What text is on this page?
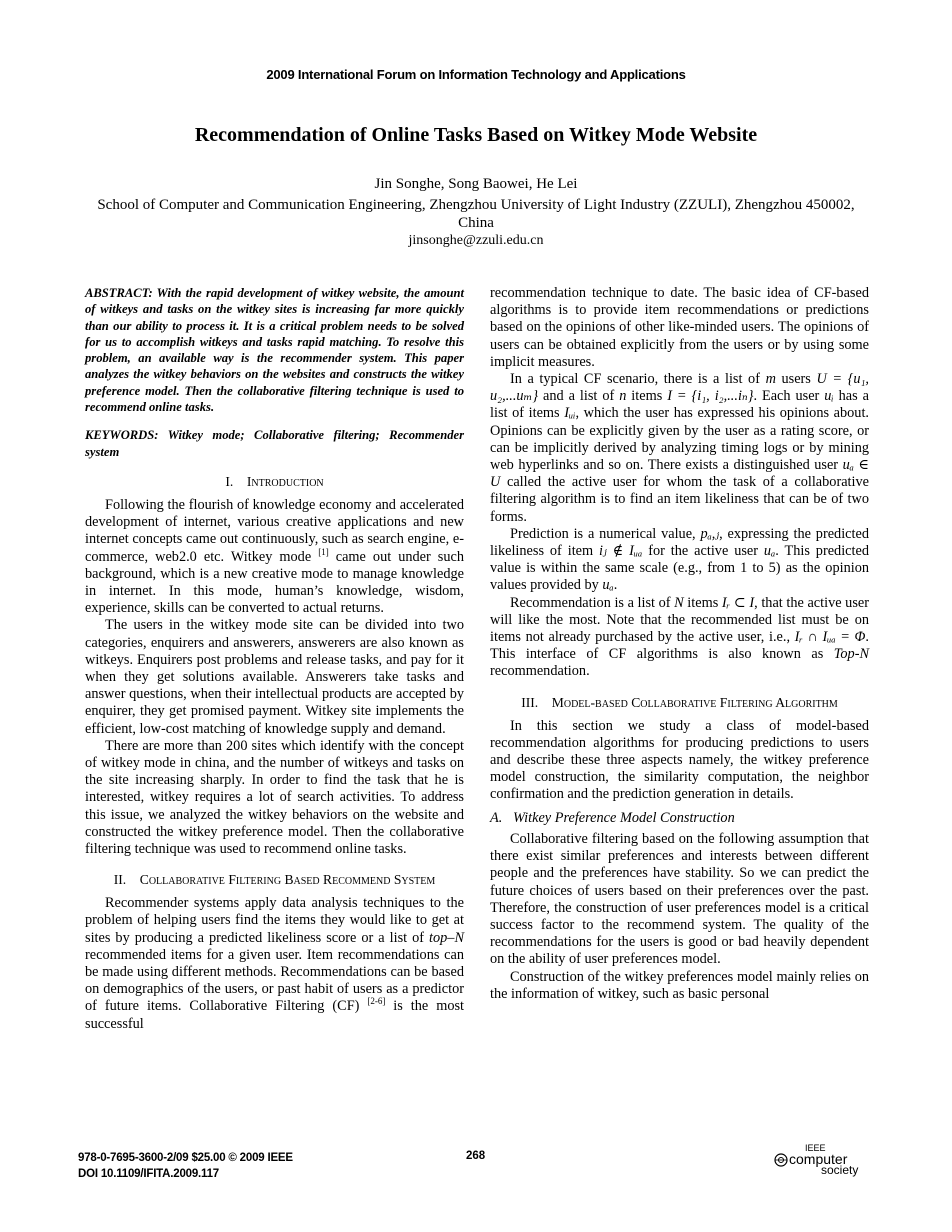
2009 International Forum on Information Technology and Applications
Recommendation of Online Tasks Based on Witkey Mode Website
Jin Songhe, Song Baowei, He Lei
School of Computer and Communication Engineering, Zhengzhou University of Light Industry (ZZULI), Zhengzhou 450002, China
jinsonghe@zzuli.edu.cn

ABSTRACT: With the rapid development of witkey website, the amount of witkeys and tasks on the witkey sites is increasing far more quickly than our ability to process it. It is a critical problem needs to be solved for us to accomplish witkeys and tasks rapid matching. To resolve this problem, an available way is the recommender system. This paper analyzes the witkey behaviors on the websites and constructs the witkey preference model. Then the collaborative filtering technique is used to recommend online tasks.

KEYWORDS: Witkey mode; Collaborative filtering; Recommender system

I. Introduction

Following the flourish of knowledge economy and accelerated development of internet, various creative applications and new internet concepts came out continuously, such as search engine, e-commerce, web2.0 etc. Witkey mode [1] came out under such background, which is a new creative mode to manage knowledge in internet. In this mode, human’s knowledge, wisdom, experience, skills can be converted to actual returns.

The users in the witkey mode site can be divided into two categories, enquirers and answerers, answerers are also known as witkeys. Enquirers post problems and release tasks, and pay for it when they get solutions available. Answerers take tasks and answer questions, when their intellectual products are accepted by enquirer, they get promised payment. Witkey site implements the efficient, low-cost matching of knowledge supply and demand.

There are more than 200 sites which identify with the concept of witkey mode in china, and the number of witkeys and tasks on the site increasing sharply. In order to find the task that he is interested, witkey requires a lot of search activities. To address this issue, we analyzed the witkey behaviors on the website and constructed the witkey preference model. Then the collaborative filtering technique was used to recommend online tasks.

II. Collaborative Filtering Based Recommend System

Recommender systems apply data analysis techniques to the problem of helping users find the items they would like to get at sites by producing a predicted likeliness score or a list of top–N recommended items for a given user. Item recommendations can be made using different methods. Recommendations can be based on demographics of the users, or past habit of users as a predictor of future items. Collaborative Filtering (CF) [2-6] is the most successful

recommendation technique to date. The basic idea of CF-based algorithms is to provide item recommendations or predictions based on the opinions of other like-minded users. The opinions of users can be obtained explicitly from the users or by using some implicit measures.

In a typical CF scenario, there is a list of m users U = {u₁, u₂,...uₘ} and a list of n items I = {i₁, i₂,...iₙ}. Each user uᵢ has a list of items Iᵤᵢ, which the user has expressed his opinions about. Opinions can be explicitly given by the user as a rating score, or can be implicitly derived by analyzing timing logs or by mining web hyperlinks and so on. There exists a distinguished user uₐ ∈ U called the active user for whom the task of a collaborative filtering algorithm is to find an item likeliness that can be of two forms.

Prediction is a numerical value, pₐ,ⱼ, expressing the predicted likeliness of item iⱼ ∉ Iᵤₐ for the active user uₐ. This predicted value is within the same scale (e.g., from 1 to 5) as the opinion values provided by uₐ.

Recommendation is a list of N items Iᵣ ⊂ I, that the active user will like the most. Note that the recommended list must be on items not already purchased by the active user, i.e., Iᵣ ∩ Iᵤₐ = Φ. This interface of CF algorithms is also known as Top-N recommendation.

III. Model-based Collaborative Filtering Algorithm

In this section we study a class of model-based recommendation algorithms for producing predictions to users and describe these three aspects namely, the witkey preference model construction, the similarity computation, the neighbor confirmation and the prediction generation in details.

A. Witkey Preference Model Construction

Collaborative filtering based on the following assumption that there exist similar preferences and interests between different people and the preferences have stability. So we can predict the future choices of users based on their preferences over the past. Therefore, the construction of user preferences model is a critical success factor to the recommend system. The quality of the recommendations for the users is good or bad heavily dependent on the ability of user preferences model.

Construction of the witkey preferences model mainly relies on the information of witkey, such as basic personal

978-0-7695-3600-2/09 $25.00 © 2009 IEEE
DOI 10.1109/IFITA.2009.117
268
IEEE
computer
society
